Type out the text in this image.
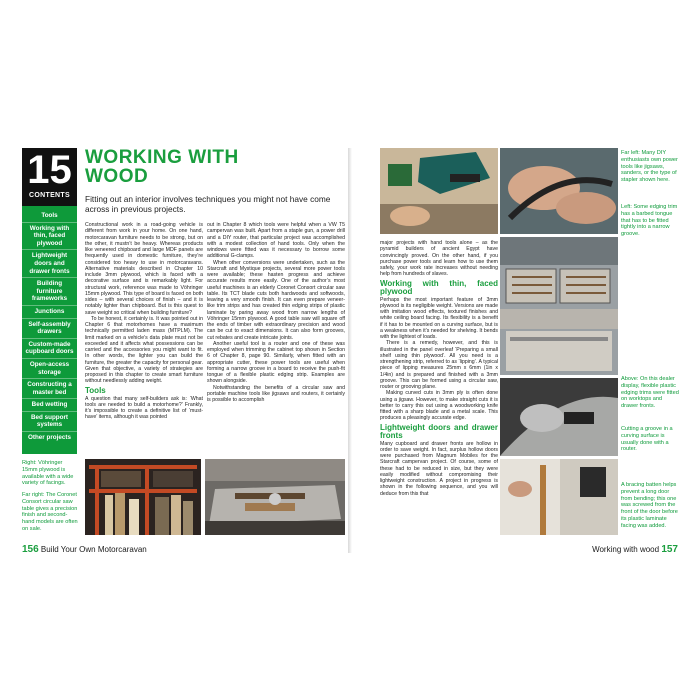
15
CONTENTS
Tools
Working with thin, faced plywood
Lightweight doors and drawer fronts
Building furniture frameworks
Junctions
Self-assembly drawers
Custom-made cupboard doors
Open-access storage
Constructing a master bed
Bed wetting
Bed support systems
Other projects
Right: Vöhringer 15mm plywood is available with a wide variety of facings.
Far right: The Coronet Consort circular saw table gives a precision finish and second-hand models are often on sale.
WORKING WITH
WOOD
Fitting out an interior involves techniques you might not have come across in previous projects.

Constructional work in a road-going vehicle is different from work in your home. On one hand, motorcaravan furniture needs to be strong, but on the other, it mustn’t be heavy. Whereas products like veneered chipboard and large MDF panels are frequently used in domestic furniture, they’re considered too heavy to use in motorcaravans. Alternative materials described in Chapter 10 include 3mm plywood, which is faced with a decorative surface and is remarkably light. For structural work, reference was made to Vöhringer 15mm plywood. This type of board is faced on both sides – with several choices of finish – and it is notably lighter than chipboard. But is this quest to save weight so critical when building furniture?

To be honest, it certainly is. It was pointed out in Chapter 6 that motorhomes have a maximum technically permitted laden mass (MTPLM). The limit marked on a vehicle’s data plate must not be exceeded and it affects what possessions can be carried and the accessories you might want to fit. In other words, the lighter you can build the furniture, the greater the capacity for personal gear. Given that objective, a variety of strategies are proposed in this chapter to create smart furniture without needlessly adding weight.

Tools

A question that many self-builders ask is: ‘What tools are needed to build a motorhome?’ Frankly, it’s impossible to create a definitive list of ‘must-have’ items, although it was pointed

out in Chapter 8 which tools were helpful when a VW T5 campervan was built. Apart from a staple gun, a power drill and a DIY router, that particular project was accomplished with a modest collection of hand tools. Only when the windows were fitted was it necessary to borrow some additional G-clamps.

When other conversions were undertaken, such as the Starcraft and Mystique projects, several more power tools were available; these hasten progress and achieve accurate results more easily. One of the author’s most useful machines is an elderly Coronet Consort circular saw table. Its TCT blade cuts both hardwoods and softwoods, leaving a very smooth finish. It can even prepare veneer-like trim strips and has created thin edging strips of plastic laminate by paring away wood from narrow lengths of Vöhringer 15mm plywood. A good table saw will square off the ends of timber with extraordinary precision and wood can be cut to exact dimensions. It can also form grooves, cut rebates and create intricate joints.

Another useful tool is a router and one of these was employed when trimming the cabinet top shown in Section 6 of Chapter 8, page 90. Similarly, when fitted with an appropriate cutter, these power tools are useful when forming a narrow groove in a board to receive the push-fit tongue of a flexible plastic edging strip. Examples are shown alongside.

Notwithstanding the benefits of a circular saw and portable machine tools like jigsaws and routers, it certainly is possible to accomplish

156 Build Your Own Motorcaravan
Far left: Many DIY enthusiasts own power tools like jigsaws, sanders, or the type of stapler shown here.
Left: Some edging trim has a barbed tongue that has to be fitted tightly into a narrow groove.

major projects with hand tools alone – as the pyramid builders of ancient Egypt have convincingly proved. On the other hand, if you purchase power tools and learn how to use them safely, your work rate increases without needing help from hundreds of slaves.

Working with thin, faced plywood

Perhaps the most important feature of 3mm plywood is its negligible weight. Versions are made with imitation wood effects, textured finishes and white ceiling board facing. Its flexibility is a benefit if it has to be mounted on a curving surface, but is a weakness when it’s needed for shelving. It bends with the lightest of loads.

There is a remedy, however, and this is illustrated in the panel overleaf ‘Preparing a small shelf using thin plywood’. All you need is a strengthening strip, referred to as ‘lipping’. A typical piece of lipping measures 25mm x 6mm (1in x 1/4in) and is prepared and finished with a 3mm groove. This can be formed using a circular saw, router or grooving plane.

Making curved cuts in 3mm ply is often done using a jigsaw. However, to make straight cuts it is better to carry this out using a woodworking knife fitted with a sharp blade and a metal scale. This produces a pleasingly accurate edge.

Lightweight doors and drawer fronts

Many cupboard and drawer fronts are hollow in order to save weight. In fact, surplus hollow doors were purchased from Magnum Mobiles for the Starcraft campervan project. Of course, some of these had to be reduced in size, but they were easily modified without compromising their lightweight construction. A project in progress is shown in the following sequence, and you will deduce from this that

Above: On this dealer display, flexible plastic edging trims were fitted on worktops and drawer fronts.
Cutting a groove in a curving surface is usually done with a router.
A bracing batten helps prevent a long door from bending; this one was screwed from the front of the door before its plastic laminate facing was added.
Working with wood 157
